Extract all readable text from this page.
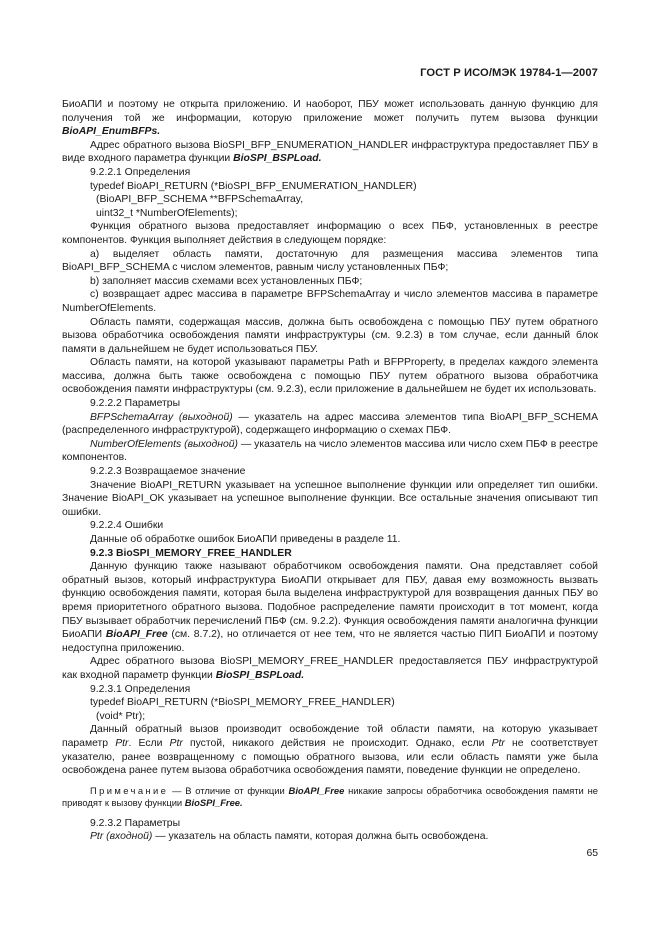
ГОСТ Р ИСО/МЭК 19784-1—2007

БиоАПИ и поэтому не открыта приложению. И наоборот, ПБУ может использовать данную функцию для получения той же информации, которую приложение может получить путем вызова функции BioAPI_EnumBFPs.

Адрес обратного вызова BioSPI_BFP_ENUMERATION_HANDLER инфраструктура предоставляет ПБУ в виде входного параметра функции BioSPI_BSPLoad.

9.2.2.1 Определения

typedef BioAPI_RETURN (*BioSPI_BFP_ENUMERATION_HANDLER)

(BioAPI_BFP_SCHEMA **BFPSchemaArray,

uint32_t *NumberOfElements);

Функция обратного вызова предоставляет информацию о всех ПБФ, установленных в реестре компонентов. Функция выполняет действия в следующем порядке:

a) выделяет область памяти, достаточную для размещения массива элементов типа BioAPI_BFP_SCHEMA с числом элементов, равным числу установленных ПБФ;

b) заполняет массив схемами всех установленных ПБФ;

c) возвращает адрес массива в параметре BFPSchemaArray и число элементов массива в параметре NumberOfElements.

Область памяти, содержащая массив, должна быть освобождена с помощью ПБУ путем обратного вызова обработчика освобождения памяти инфраструктуры (см. 9.2.3) в том случае, если данный блок памяти в дальнейшем не будет использоваться ПБУ.

Область памяти, на которой указывают параметры Path и BFPProperty, в пределах каждого элемента массива, должна быть также освобождена с помощью ПБУ путем обратного вызова обработчика освобождения памяти инфраструктуры (см. 9.2.3), если приложение в дальнейшем не будет их использовать.

9.2.2.2 Параметры

BFPSchemaArray (выходной) — указатель на адрес массива элементов типа BioAPI_BFP_SCHEMA (распределенного инфраструктурой), содержащего информацию о схемах ПБФ.

NumberOfElements (выходной) — указатель на число элементов массива или число схем ПБФ в реестре компонентов.

9.2.2.3 Возвращаемое значение

Значение BioAPI_RETURN указывает на успешное выполнение функции или определяет тип ошибки. Значение BioAPI_OK указывает на успешное выполнение функции. Все остальные значения описывают тип ошибки.

9.2.2.4 Ошибки

Данные об обработке ошибок БиоАПИ приведены в разделе 11.

9.2.3 BioSPI_MEMORY_FREE_HANDLER

Данную функцию также называют обработчиком освобождения памяти. Она представляет собой обратный вызов, который инфраструктура БиоАПИ открывает для ПБУ, давая ему возможность вызвать функцию освобождения памяти, которая была выделена инфраструктурой для возвращения данных ПБУ во время приоритетного обратного вызова. Подобное распределение памяти происходит в тот момент, когда ПБУ вызывает обработчик перечислений ПБФ (см. 9.2.2). Функция освобождения памяти аналогична функции БиоАПИ BioAPI_Free (см. 8.7.2), но отличается от нее тем, что не является частью ПИП БиоАПИ и поэтому недоступна приложению.

Адрес обратного вызова BioSPI_MEMORY_FREE_HANDLER предоставляется ПБУ инфраструктурой как входной параметр функции BioSPI_BSPLoad.

9.2.3.1 Определения

typedef BioAPI_RETURN (*BioSPI_MEMORY_FREE_HANDLER)

(void* Ptr);

Данный обратный вызов производит освобождение той области памяти, на которую указывает параметр Ptr. Если Ptr пустой, никакого действия не происходит. Однако, если Ptr не соответствует указателю, ранее возвращенному с помощью обратного вызова, или если область памяти уже была освобождена ранее путем вызова обработчика освобождения памяти, поведение функции не определено.

Примечание — В отличие от функции BioAPI_Free никакие запросы обработчика освобождения памяти не приводят к вызову функции BioSPI_Free.

9.2.3.2 Параметры

Ptr (входной) — указатель на область памяти, которая должна быть освобождена.

65
